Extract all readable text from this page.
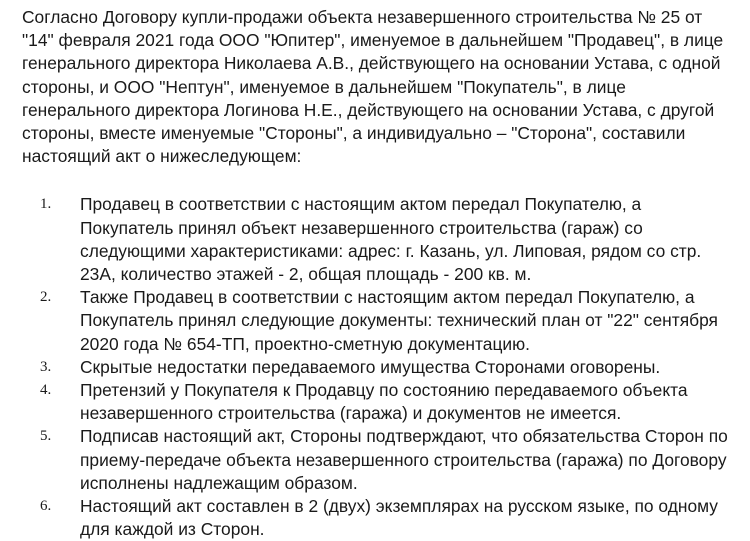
Согласно Договору купли-продажи объекта незавершенного строительства № 25 от
"14" февраля 2021 года ООО "Юпитер", именуемое в дальнейшем "Продавец", в лице
генерального директора Николаева А.В., действующего на основании Устава, с одной
стороны, и ООО "Нептун", именуемое в дальнейшем "Покупатель", в лице
генерального директора Логинова Н.Е., действующего на основании Устава, с другой
стороны, вместе именуемые "Стороны", а индивидуально – "Сторона", составили
настоящий акт о нижеследующем:

1.	Продавец в соответствии с настоящим актом передал Покупателю, а
Покупатель принял объект незавершенного строительства (гараж) со
следующими характеристиками: адрес: г. Казань, ул. Липовая, рядом со стр.
23А, количество этажей - 2, общая площадь - 200 кв. м.
2.	Также Продавец в соответствии с настоящим актом передал Покупателю, а
Покупатель принял следующие документы: технический план от "22" сентября
2020 года № 654-ТП, проектно-сметную документацию.
3.	Скрытые недостатки передаваемого имущества Сторонами оговорены.
4.	Претензий у Покупателя к Продавцу по состоянию передаваемого объекта
незавершенного строительства (гаража) и документов не имеется.
5.	Подписав настоящий акт, Стороны подтверждают, что обязательства Сторон по
приему-передаче объекта незавершенного строительства (гаража) по Договору
исполнены надлежащим образом.
6.	Настоящий акт составлен в 2 (двух) экземплярах на русском языке, по одному
для каждой из Сторон.
